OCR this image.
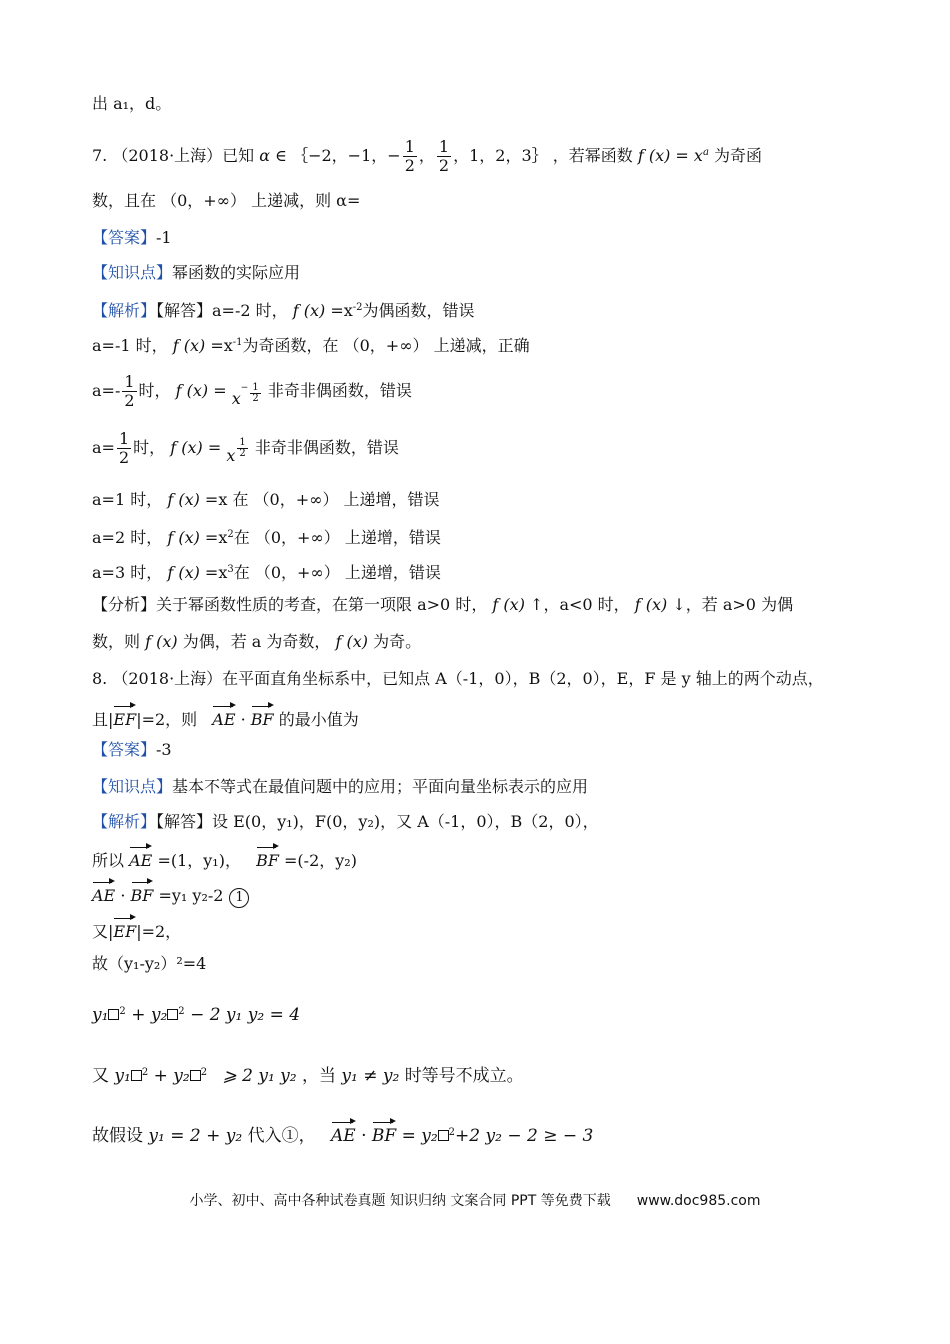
出 a₁，d。
7. （2018·上海）已知 α ∈ ｛−2，−1，− $\frac{1}{2}$ ， $\frac{1}{2}$ ，1，2，3｝ ，若幂函数 f $(x) = x^a$ 为奇函
数，且在 （0，+∞） 上递减，则 α=
【答案】-1
【知识点】幂函数的实际应用
【解析】【解答】a=-2 时， f $(x) =x^{-2}$为偶函数，错误
a=-1 时， f $(x) =x^{-1}$为奇函数，在 （0，+∞） 上递减，正确
$a=- \frac{1}{2}$ 时， f $(x) = x^- \frac{1}{2}$ 非奇非偶函数，错误
$a= \frac{1}{2}$ 时， f (x) = x $\frac{1}{2}$ 非奇非偶函数，错误
a=1 时， f (x) =x 在 （0，+∞） 上递增，错误
a=2 时， f $(x) =x^2$在 （0，+∞） 上递增，错误
a=3 时， f $(x) =x^3$在 （0，+∞） 上递增，错误
【分析】关于幂函数性质的考查，在第一项限 a>0 时， f (x) ↑，a<0 时， f (x) ↓，若 a>0 为偶
数，则 f (x) 为偶，若 a 为奇数， f (x) 为奇。
8. （2018·上海）在平面直角坐标系中，已知点 A（-1，0），B（2，0），E，F 是 y 轴上的两个动点，
且|EF|=2，则 AE · BF 的最小值为
【答案】-3
【知识点】基本不等式在最值问题中的应用；平面向量坐标表示的应用
【解析】【解答】设 E(0，y₁)，F(0，y₂)，又 A（-1，0），B（2，0），
所以 AE =(1，y₁)， BF =(-2，y₂)
AE · BF =y₁ y₂-2 1
又|EF|=2，
故（y₁-y₂）²=4
y₁ $^2$ + y₂ $^2$ − 2 y₁ y₂ = 4
又 y₁ $^2$ + y₂ $^2$ ⩾ 2 y₁ y₂ ，当 y₁ ≠ y₂ 时等号不成立。
故假设 y₁ = 2 + y₂ 代入①， AE · BF = y₂ $^2$+2 y₂ − 2 ≥ − 3
小学、初中、高中各种试卷真题 知识归纳 文案合同 PPT 等免费下载 www.doc985.com
